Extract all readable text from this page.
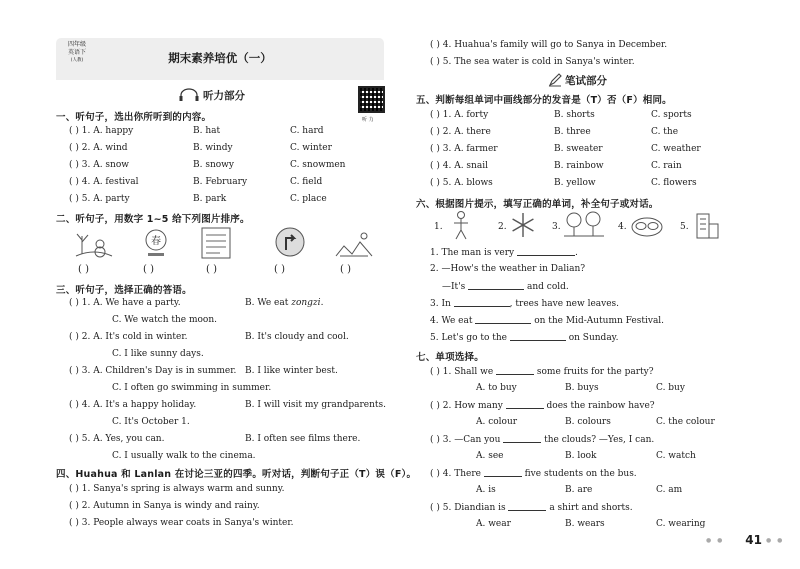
四年级
英语下
(人教)	期末素养培优（一）
听力部分
听 力
一、听句子，选出你所听到的内容。
( ) 1. A. happy	B. hat	C. hard
( ) 2. A. wind	B. windy	C. winter
( ) 3. A. snow	B. snowy	C. snowmen
( ) 4. A. festival	B. February	C. field
( ) 5. A. party	B. park	C. place
二、听句子，用数字 1~5 给下列图片排序。
春
( )	( )	( )	( )	( )
三、听句子，选择正确的答语。
( ) 1. A. We have a party.	B. We eat zongzi.
C. We watch the moon.
( ) 2. A. It's cold in winter.	B. It's cloudy and cool.
C. I like sunny days.
( ) 3. A. Children's Day is in summer. B. I like winter best.
C. I often go swimming in summer.
( ) 4. A. It's a happy holiday.	B. I will visit my grandparents.
C. It's October 1.
( ) 5. A. Yes, you can.	B. I often see films there.
C. I usually walk to the cinema.
四、Huahua 和 Lanlan 在讨论三亚的四季。听对话，判断句子正（T）误（F）。
( ) 1. Sanya's spring is always warm and sunny.
( ) 2. Autumn in Sanya is windy and rainy.
( ) 3. People always wear coats in Sanya's winter.
( ) 4. Huahua's family will go to Sanya in December.
( ) 5. The sea water is cold in Sanya's winter.
笔试部分
五、判断每组单词中画线部分的发音是（T）否（F）相同。
( ) 1. A. forty	B. shorts	C. sports
( ) 2. A. there	B. three	C. the
( ) 3. A. farmer	B. sweater	C. weather
( ) 4. A. snail	B. rainbow	C. rain
( ) 5. A. blows	B. yellow	C. flowers
六、根据图片提示，填写正确的单词，补全句子或对话。
1.	2.	3.	4.	5.
1. The man is very	.
2. —How's the weather in Dalian?
—It's	and cold.
3. In	, trees have new leaves.
4. We eat	on the Mid-Autumn Festival.
5. Let's go to the	on Sunday.
七、单项选择。
( ) 1. Shall we	some fruits for the party?
A. to buy	B. buys	C. buy
( ) 2. How many	does the rainbow have?
A. colour	B. colours	C. the colour
( ) 3. —Can you	the clouds? —Yes, I can.
A. see	B. look	C. watch
( ) 4. There	five students on the bus.
A. is	B. are	C. am
( ) 5. Diandian is	a shirt and shorts.
A. wear	B. wears	C. wearing
● ● 41 ● ●
